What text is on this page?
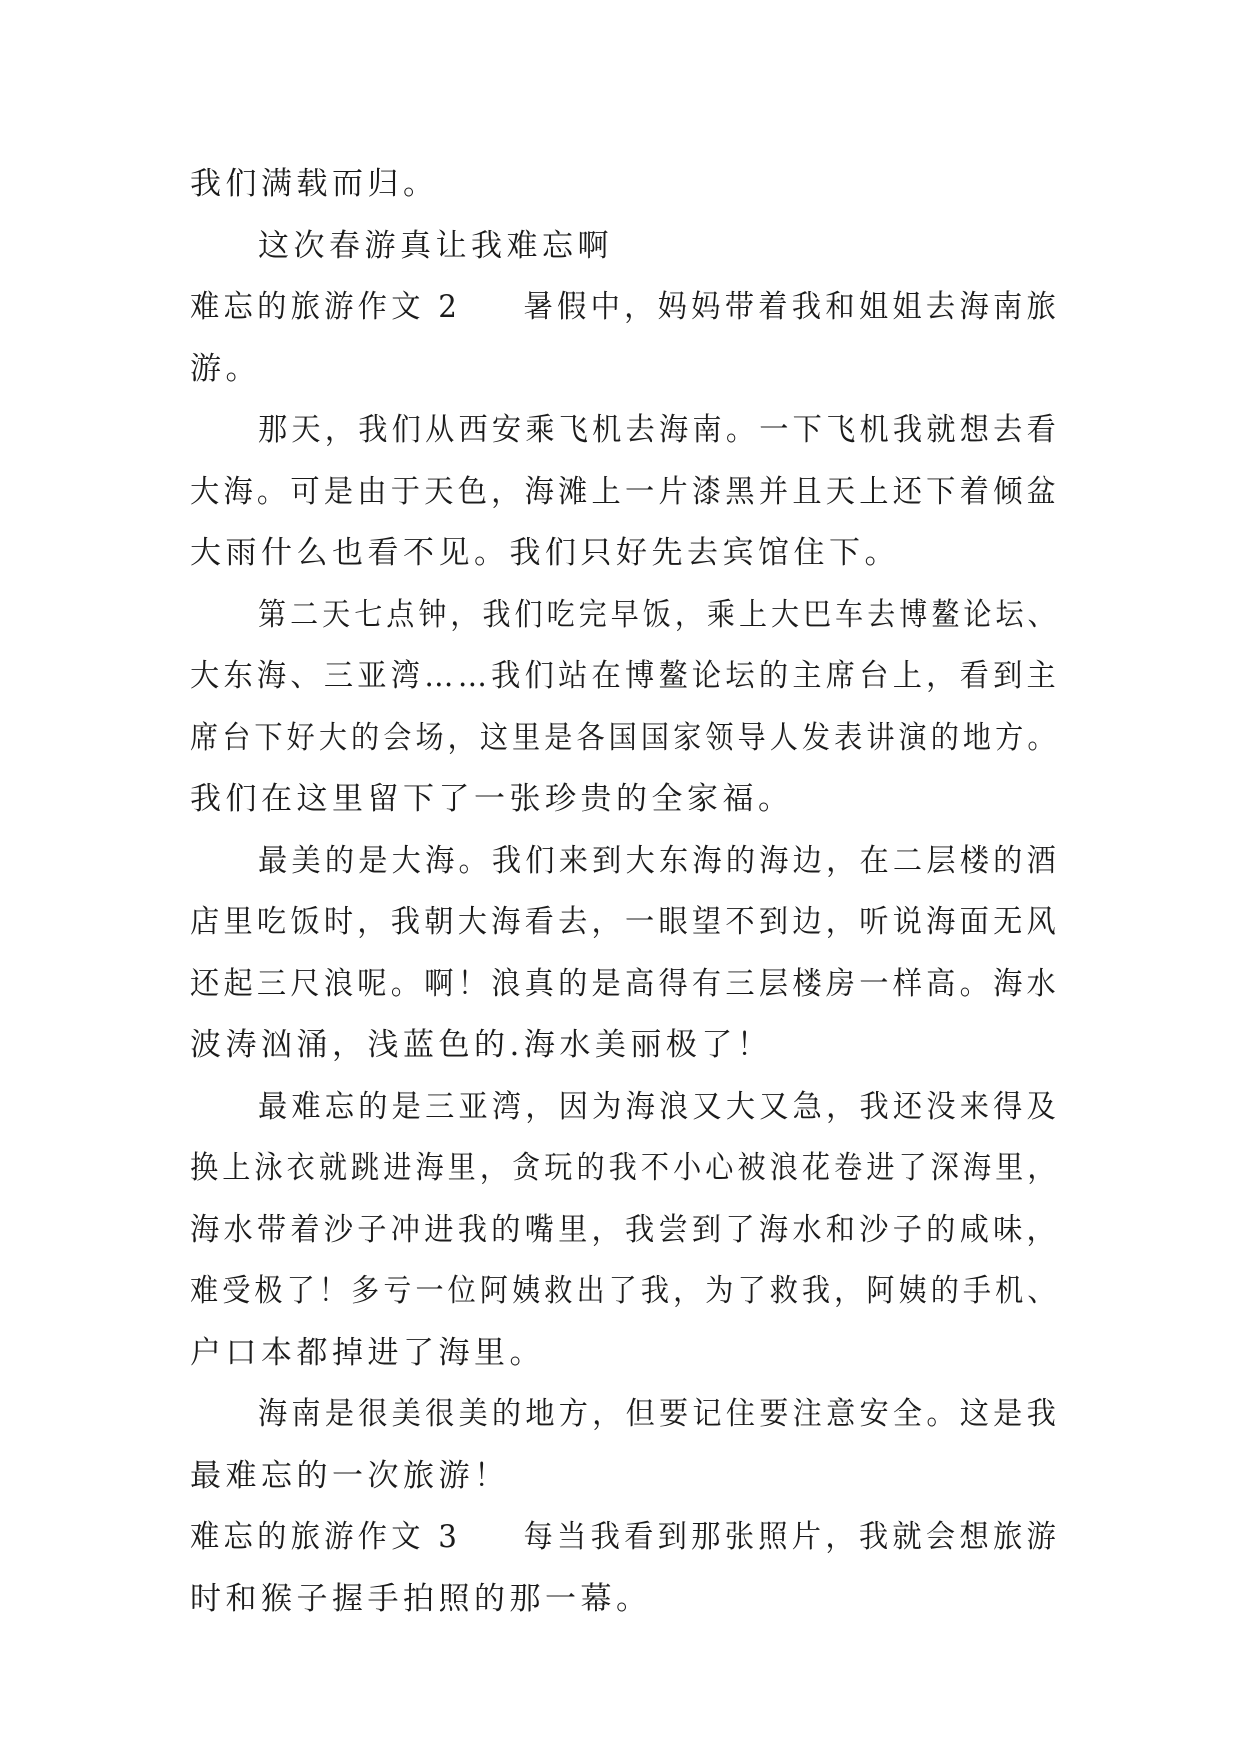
我们满载而归。
这次春游真让我难忘啊
难忘的旅游作文 2 暑假中，妈妈带着我和姐姐去海南旅
游。
那天，我们从西安乘飞机去海南。一下飞机我就想去看
大海。可是由于天色，海滩上一片漆黑并且天上还下着倾盆
大雨什么也看不见。我们只好先去宾馆住下。
第二天七点钟，我们吃完早饭，乘上大巴车去博鳌论坛、
大东海、三亚湾……我们站在博鳌论坛的主席台上，看到主
席台下好大的会场，这里是各国国家领导人发表讲演的地方。
我们在这里留下了一张珍贵的全家福。
最美的是大海。我们来到大东海的海边，在二层楼的酒
店里吃饭时，我朝大海看去，一眼望不到边，听说海面无风
还起三尺浪呢。啊！浪真的是高得有三层楼房一样高。海水
波涛汹涌，浅蓝色的.海水美丽极了！
最难忘的是三亚湾，因为海浪又大又急，我还没来得及
换上泳衣就跳进海里，贪玩的我不小心被浪花卷进了深海里，
海水带着沙子冲进我的嘴里，我尝到了海水和沙子的咸味，
难受极了！多亏一位阿姨救出了我，为了救我，阿姨的手机、
户口本都掉进了海里。
海南是很美很美的地方，但要记住要注意安全。这是我
最难忘的一次旅游！
难忘的旅游作文 3 每当我看到那张照片，我就会想旅游
时和猴子握手拍照的那一幕。
